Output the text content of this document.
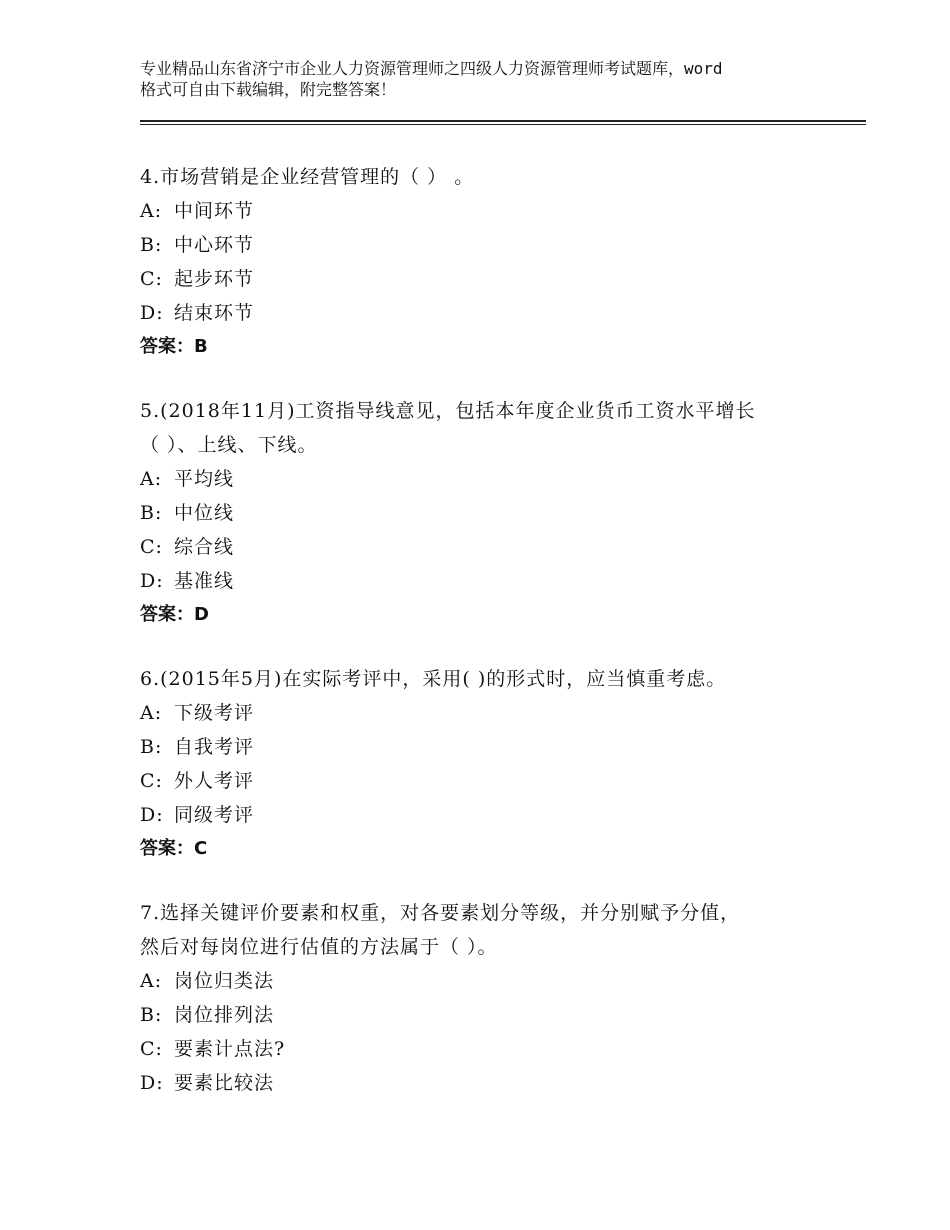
专业精品山东省济宁市企业人力资源管理师之四级人力资源管理师考试题库，word
格式可自由下载编辑，附完整答案！
4.市场营销是企业经营管理的（ ） 。
A: 中间环节
B: 中心环节
C: 起步环节
D: 结束环节
答案：B
5.(2018年11月)工资指导线意见，包括本年度企业货币工资水平增长
（ ）、上线、下线。
A: 平均线
B: 中位线
C: 综合线
D: 基准线
答案：D
6.(2015年5月)在实际考评中，采用( )的形式时，应当慎重考虑。
A: 下级考评
B: 自我考评
C: 外人考评
D: 同级考评
答案：C
7.选择关键评价要素和权重，对各要素划分等级，并分别赋予分值，
然后对每岗位进行估值的方法属于（ ）。
A: 岗位归类法
B: 岗位排列法
C: 要素计点法?
D: 要素比较法
